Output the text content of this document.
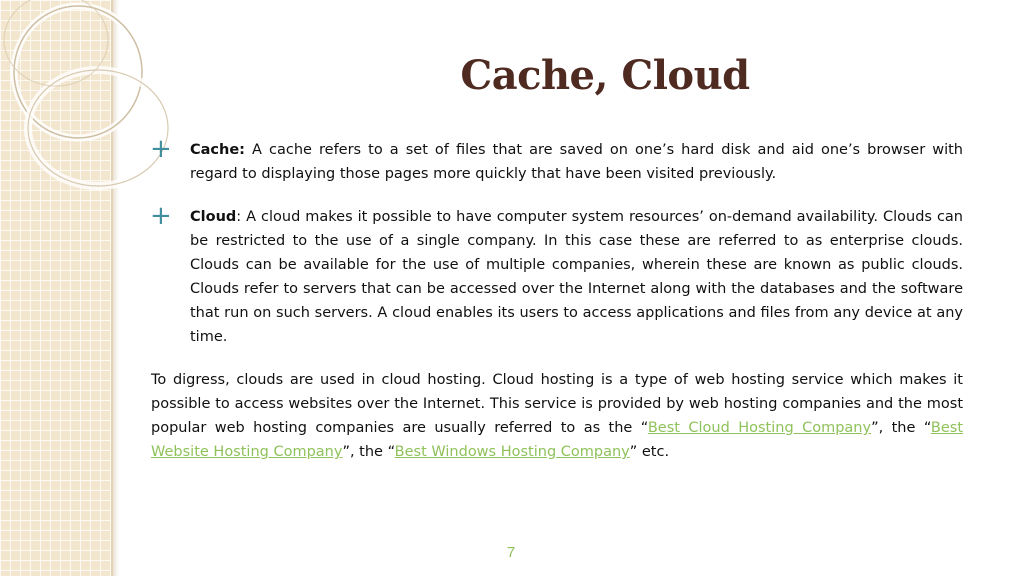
Cache, Cloud
+ Cache: A cache refers to a set of files that are saved on one’s hard disk and aid one’s browser with regard to displaying those pages more quickly that have been visited previously.
+ Cloud: A cloud makes it possible to have computer system resources’ on-demand availability. Clouds can be restricted to the use of a single company. In this case these are referred to as enterprise clouds. Clouds can be available for the use of multiple companies, wherein these are known as public clouds. Clouds refer to servers that can be accessed over the Internet along with the databases and the software that run on such servers. A cloud enables its users to access applications and files from any device at any time.

To digress, clouds are used in cloud hosting. Cloud hosting is a type of web hosting service which makes it possible to access websites over the Internet. This service is provided by web hosting companies and the most popular web hosting companies are usually referred to as the “Best Cloud Hosting Company”, the “Best Website Hosting Company”, the “Best Windows Hosting Company” etc.

7
